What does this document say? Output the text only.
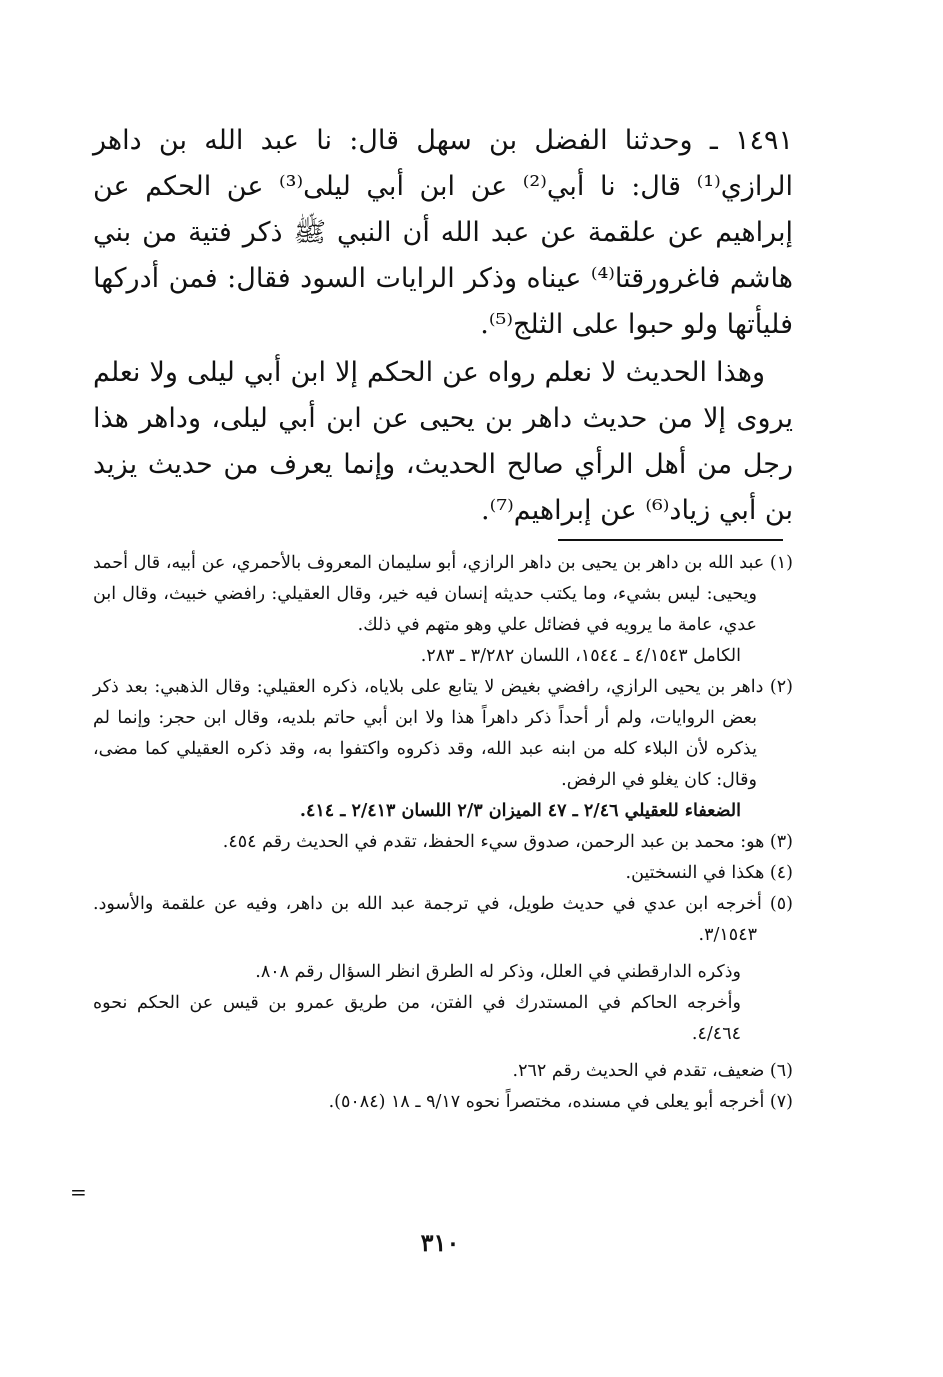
١٤٩١ ـ وحدثنا الفضل بن سهل قال: نا عبد الله بن داهر الرازي⁽¹⁾ قال: نا أبي⁽²⁾ عن ابن أبي ليلى⁽³⁾ عن الحكم عن إبراهيم عن علقمة عن عبد الله أن النبي ﷺ ذكر فتية من بني هاشم فاغرورقتا⁽⁴⁾ عيناه وذكر الرايات السود فقال: فمن أدركها فليأتها ولو حبوا على الثلج⁽⁵⁾.

وهذا الحديث لا نعلم رواه عن الحكم إلا ابن أبي ليلى ولا نعلم يروى إلا من حديث داهر بن يحيى عن ابن أبي ليلى، وداهر هذا رجل من أهل الرأي صالح الحديث، وإنما يعرف من حديث يزيد بن أبي زياد⁽⁶⁾ عن إبراهيم⁽⁷⁾.

(١) عبد الله بن داهر بن يحيى بن داهر الرازي، أبو سليمان المعروف بالأحمري، عن أبيه، قال أحمد ويحيى: ليس بشيء، وما يكتب حديثه إنسان فيه خير، وقال العقيلي: رافضي خبيث، وقال ابن عدي، عامة ما يرويه في فضائل علي وهو متهم في ذلك.

الكامل ٤/١٥٤٣ ـ ١٥٤٤، اللسان ٣/٢٨٢ ـ ٢٨٣.

(٢) داهر بن يحيى الرازي، رافضي بغيض لا يتابع على بلاياه، ذكره العقيلي: وقال الذهبي: بعد ذكر بعض الروايات، ولم أر أحداً ذكر داهراً هذا ولا ابن أبي حاتم بلديه، وقال ابن حجر: وإنما لم يذكره لأن البلاء كله من ابنه عبد الله، وقد ذكروه واكتفوا به، وقد ذكره العقيلي كما مضى، وقال: كان يغلو في الرفض.

الضعفاء للعقيلي ٢/٤٦ ـ ٤٧ الميزان ٢/٣ اللسان ٢/٤١٣ ـ ٤١٤.

(٣) هو: محمد بن عبد الرحمن، صدوق سيء الحفظ، تقدم في الحديث رقم ٤٥٤.

(٤) هكذا في النسختين.

(٥) أخرجه ابن عدي في حديث طويل، في ترجمة عبد الله بن داهر، وفيه عن علقمة والأسود. ٣/١٥٤٣.

وذكره الدارقطني في العلل، وذكر له الطرق انظر السؤال رقم ٨٠٨.

وأخرجه الحاكم في المستدرك في الفتن، من طريق عمرو بن قيس عن الحكم نحوه ٤/٤٦٤.

(٦) ضعيف، تقدم في الحديث رقم ٢٦٢.

(٧) أخرجه أبو يعلى في مسنده، مختصراً نحوه ٩/١٧ ـ ١٨ (٥٠٨٤).

=
٣١٠
